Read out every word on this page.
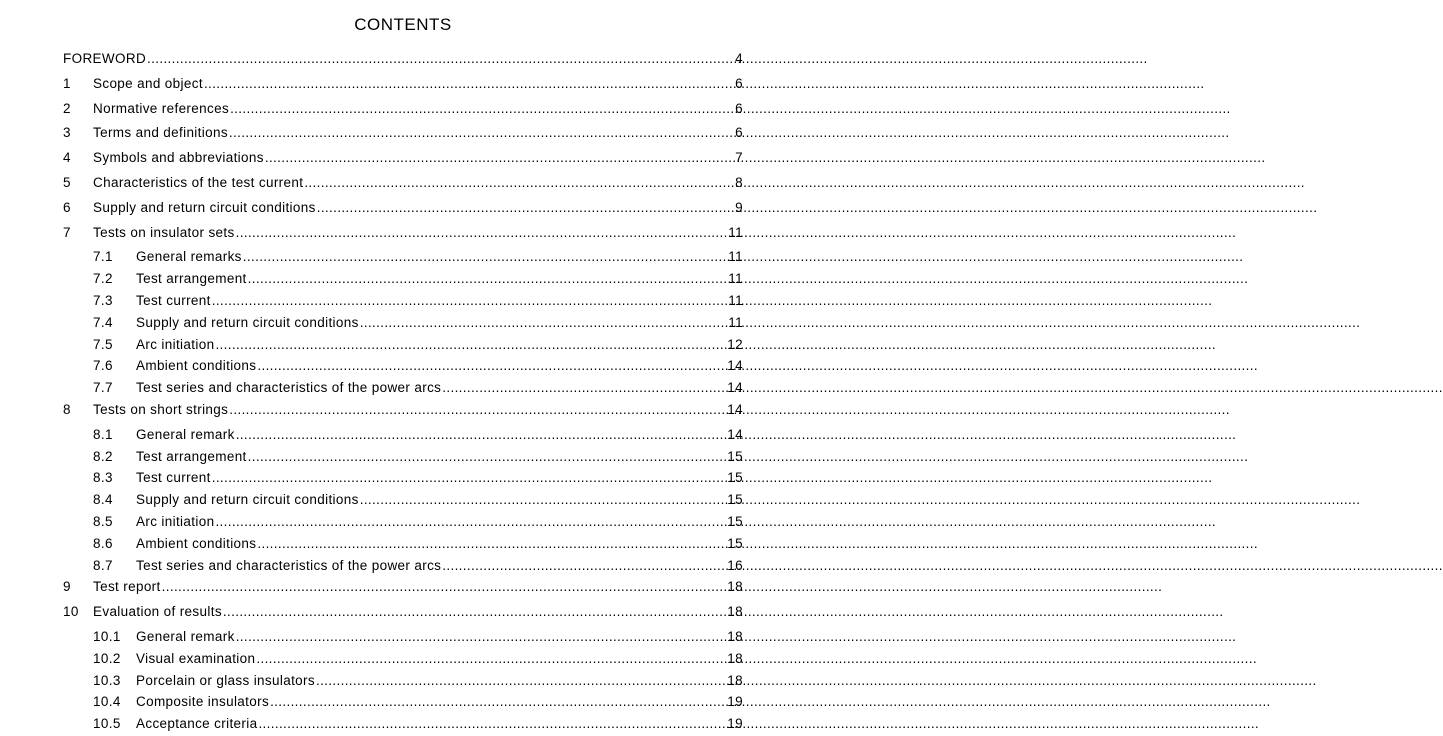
CONTENTS
FOREWORD .....	4
1	Scope and object .....	6
2	Normative references .....	6
3	Terms and definitions .....	6
4	Symbols and abbreviations .....	7
5	Characteristics of the test current .....	8
6	Supply and return circuit conditions .....	9
7	Tests on insulator sets .....	11
7.1	General remarks .....	11
7.2	Test arrangement .....	11
7.3	Test current .....	11
7.4	Supply and return circuit conditions .....	11
7.5	Arc initiation .....	12
7.6	Ambient conditions .....	14
7.7	Test series and characteristics of the power arcs .....	14
8	Tests on short strings .....	14
8.1	General remark .....	14
8.2	Test arrangement .....	15
8.3	Test current .....	15
8.4	Supply and return circuit conditions .....	15
8.5	Arc initiation .....	15
8.6	Ambient conditions .....	15
8.7	Test series and characteristics of the power arcs .....	16
9	Test report .....	18
10	Evaluation of results .....	18
10.1	General remark .....	18
10.2	Visual examination .....	18
10.3	Porcelain or glass insulators .....	18
10.4	Composite insulators .....	19
10.5	Acceptance criteria .....	19
